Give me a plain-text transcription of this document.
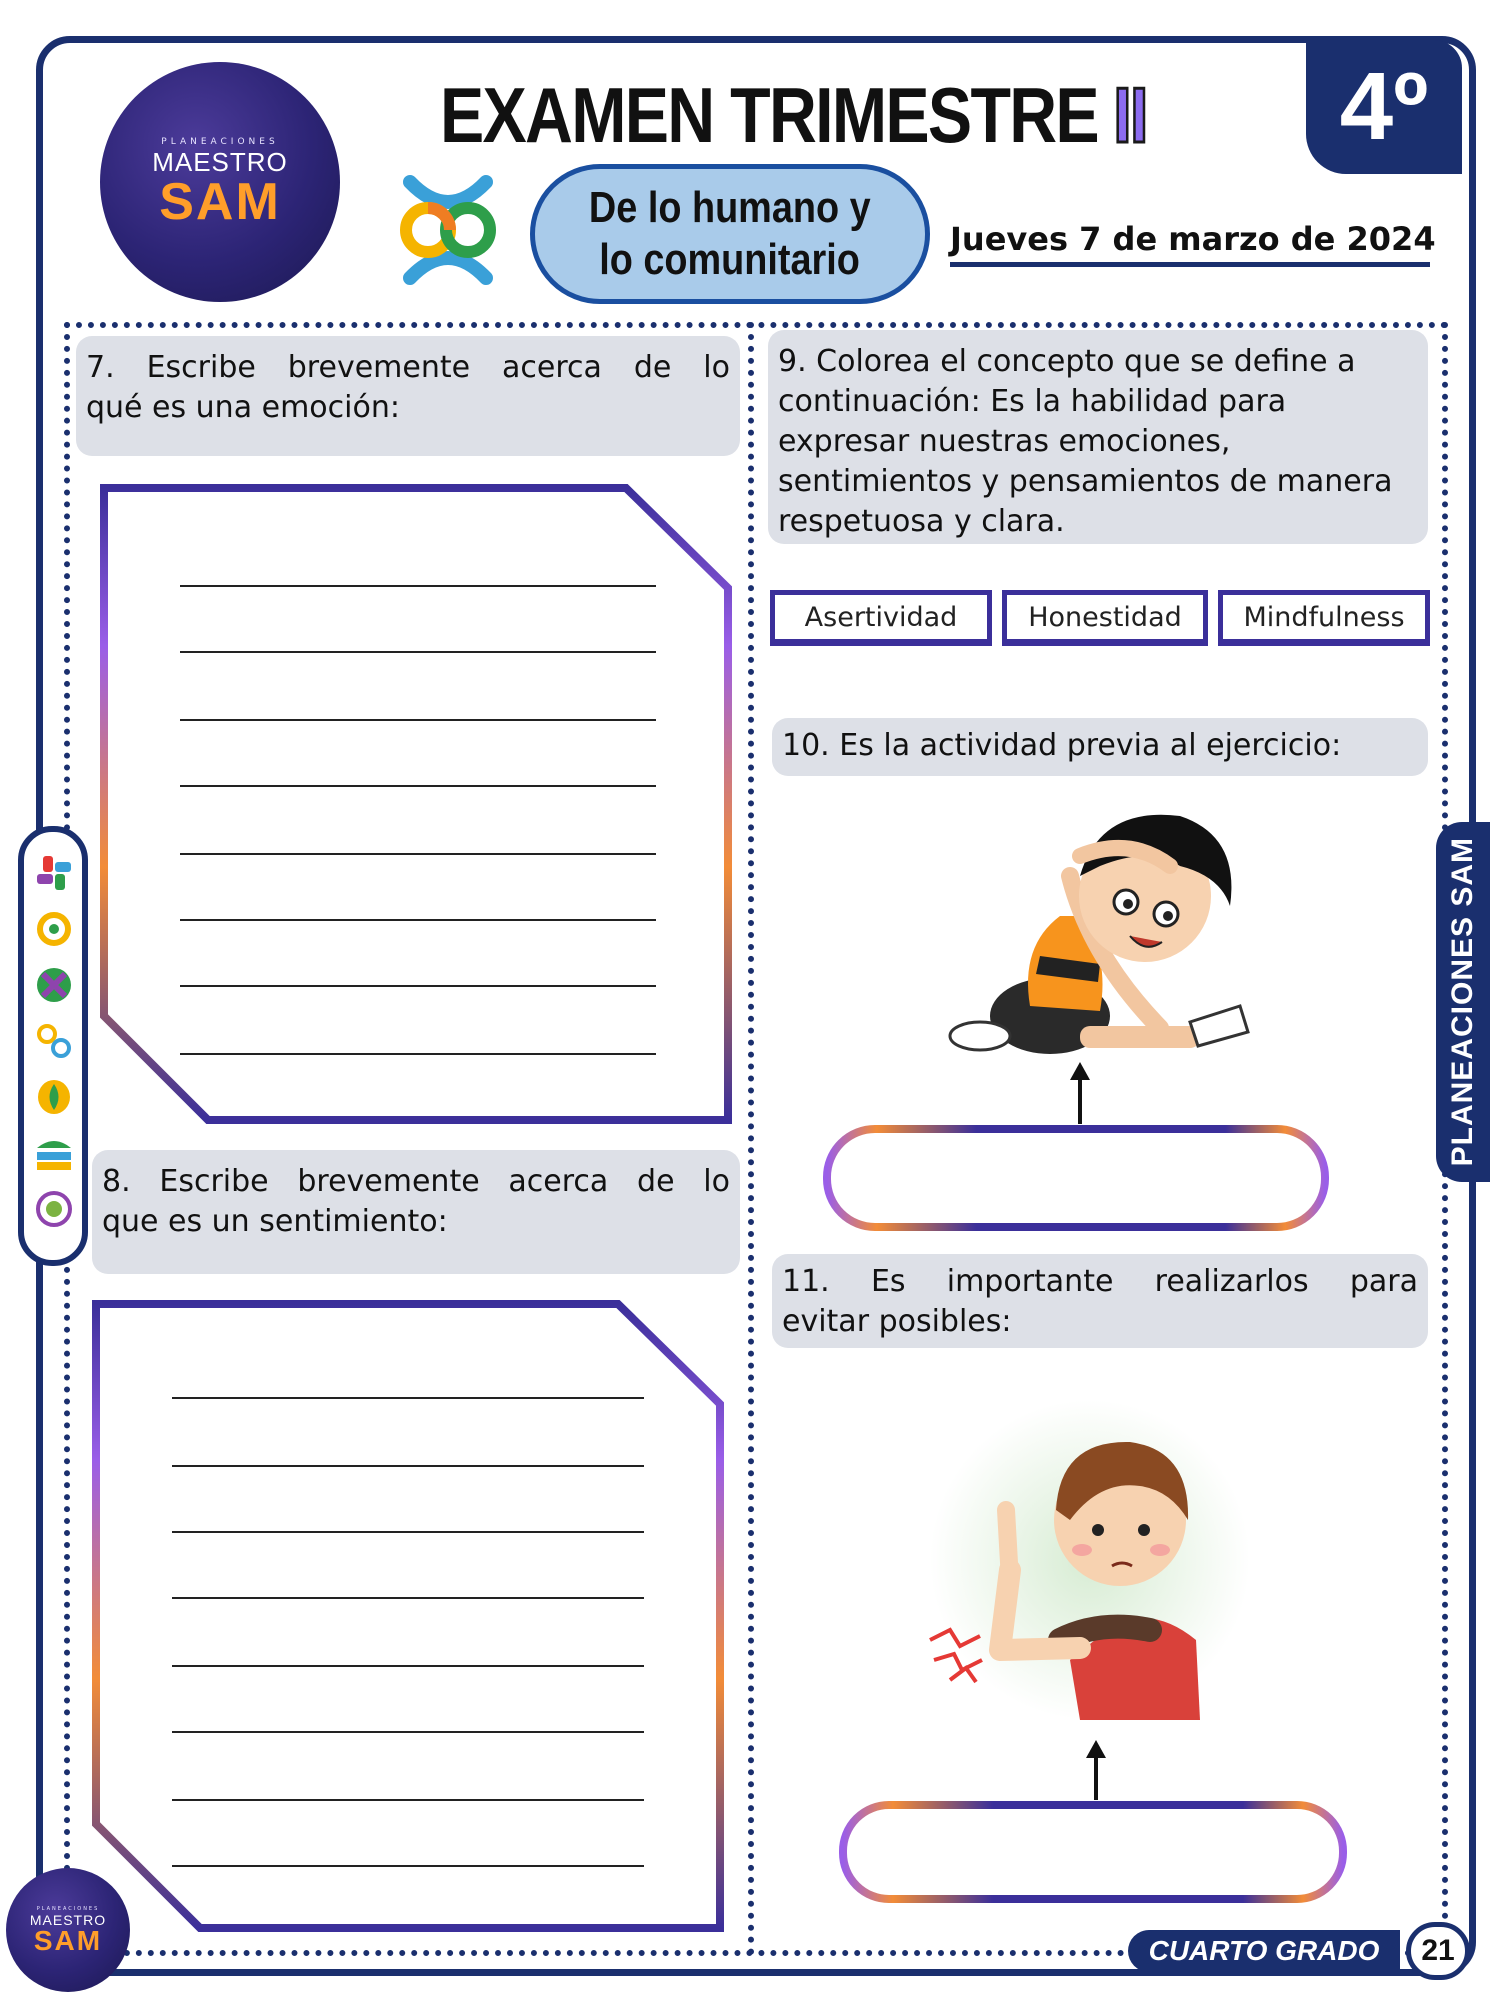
PLANEACIONES
MAESTRO
SAM
EXAMEN TRIMESTRE II 4º
De lo humano y
lo comunitario	Jueves 7 de marzo de 2024
7. Escribe brevemente acerca de lo
qué es una emoción:
8. Escribe brevemente acerca de lo
que es un sentimiento:
9. Colorea el concepto que se define a continuación: Es la habilidad para expresar nuestras emociones, sentimientos y pensamientos de manera respetuosa y clara.
Asertividad	Honestidad Mindfulness
10. Es la actividad previa al ejercicio:
11. Es importante realizarlos para
evitar posibles:
PLANEACIONES SAM
PLANEACIONES
MAESTRO
SAM	CUARTO GRADO	21
